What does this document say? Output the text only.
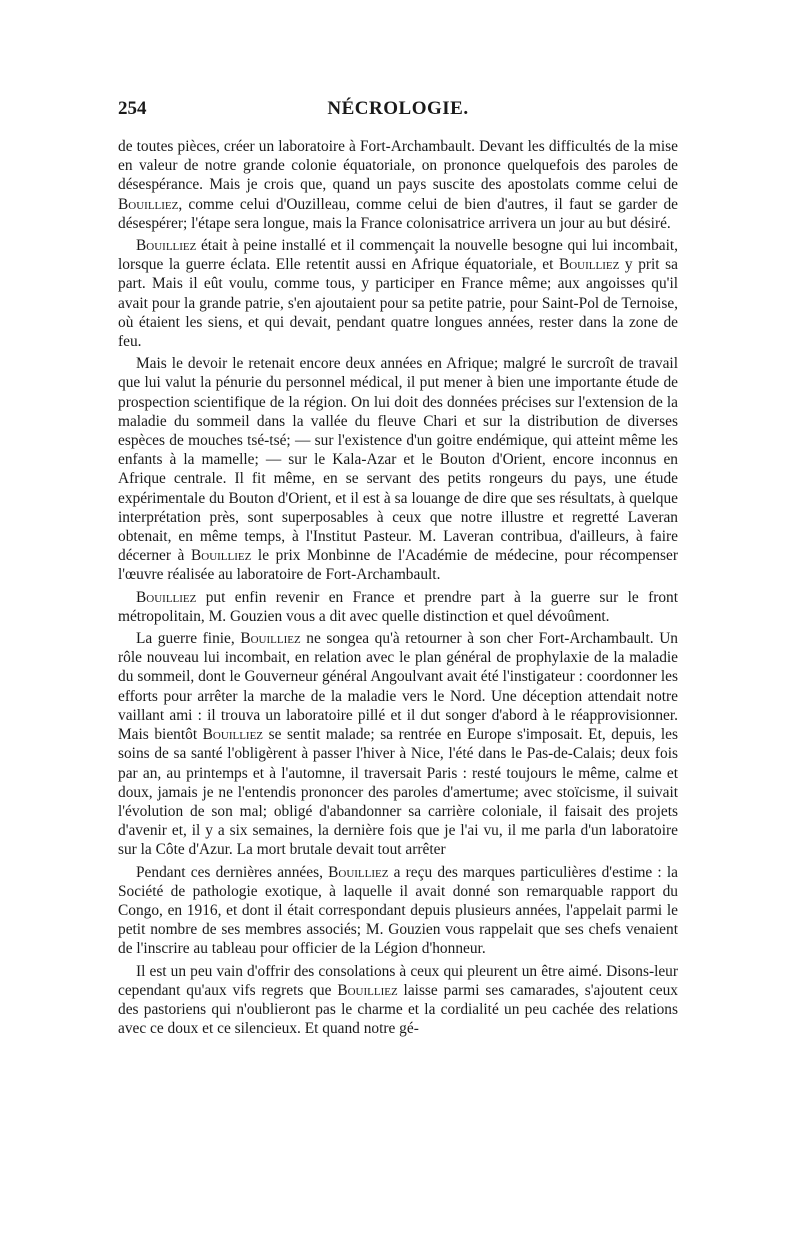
254	NÉCROLOGIE.

de toutes pièces, créer un laboratoire à Fort-Archambault. Devant les difficultés de la mise en valeur de notre grande colonie équatoriale, on prononce quelquefois des paroles de désespérance. Mais je crois que, quand un pays suscite des apostolats comme celui de Bouilliez, comme celui d'Ouzilleau, comme celui de bien d'autres, il faut se garder de désespérer; l'étape sera longue, mais la France colonisatrice arrivera un jour au but désiré.

Bouilliez était à peine installé et il commençait la nouvelle besogne qui lui incombait, lorsque la guerre éclata. Elle retentit aussi en Afrique équatoriale, et Bouilliez y prit sa part. Mais il eût voulu, comme tous, y participer en France même; aux angoisses qu'il avait pour la grande patrie, s'en ajoutaient pour sa petite patrie, pour Saint-Pol de Ternoise, où étaient les siens, et qui devait, pendant quatre longues années, rester dans la zone de feu.

Mais le devoir le retenait encore deux années en Afrique; malgré le surcroît de travail que lui valut la pénurie du personnel médical, il put mener à bien une importante étude de prospection scientifique de la région. On lui doit des données précises sur l'extension de la maladie du sommeil dans la vallée du fleuve Chari et sur la distribution de diverses espèces de mouches tsé-tsé; — sur l'existence d'un goitre endémique, qui atteint même les enfants à la mamelle; — sur le Kala-Azar et le Bouton d'Orient, encore inconnus en Afrique centrale. Il fit même, en se servant des petits rongeurs du pays, une étude expérimentale du Bouton d'Orient, et il est à sa louange de dire que ses résultats, à quelque interprétation près, sont superposables à ceux que notre illustre et regretté Laveran obtenait, en même temps, à l'Institut Pasteur. M. Laveran contribua, d'ailleurs, à faire décerner à Bouilliez le prix Monbinne de l'Académie de médecine, pour récompenser l'œuvre réalisée au laboratoire de Fort-Archambault.

Bouilliez put enfin revenir en France et prendre part à la guerre sur le front métropolitain, M. Gouzien vous a dit avec quelle distinction et quel dévoûment.

La guerre finie, Bouilliez ne songea qu'à retourner à son cher Fort-Archambault. Un rôle nouveau lui incombait, en relation avec le plan général de prophylaxie de la maladie du sommeil, dont le Gouverneur général Angoulvant avait été l'instigateur : coordonner les efforts pour arrêter la marche de la maladie vers le Nord. Une déception attendait notre vaillant ami : il trouva un laboratoire pillé et il dut songer d'abord à le réapprovisionner. Mais bientôt Bouilliez se sentit malade; sa rentrée en Europe s'imposait. Et, depuis, les soins de sa santé l'obligèrent à passer l'hiver à Nice, l'été dans le Pas-de-Calais; deux fois par an, au printemps et à l'automne, il traversait Paris : resté toujours le même, calme et doux, jamais je ne l'entendis prononcer des paroles d'amertume; avec stoïcisme, il suivait l'évolution de son mal; obligé d'abandonner sa carrière coloniale, il faisait des projets d'avenir et, il y a six semaines, la dernière fois que je l'ai vu, il me parla d'un laboratoire sur la Côte d'Azur. La mort brutale devait tout arrêter

Pendant ces dernières années, Bouilliez a reçu des marques particulières d'estime : la Société de pathologie exotique, à laquelle il avait donné son remarquable rapport du Congo, en 1916, et dont il était correspondant depuis plusieurs années, l'appelait parmi le petit nombre de ses membres associés; M. Gouzien vous rappelait que ses chefs venaient de l'inscrire au tableau pour officier de la Légion d'honneur.

Il est un peu vain d'offrir des consolations à ceux qui pleurent un être aimé. Disons-leur cependant qu'aux vifs regrets que Bouilliez laisse parmi ses camarades, s'ajoutent ceux des pastoriens qui n'oublieront pas le charme et la cordialité un peu cachée des relations avec ce doux et ce silencieux. Et quand notre gé-
